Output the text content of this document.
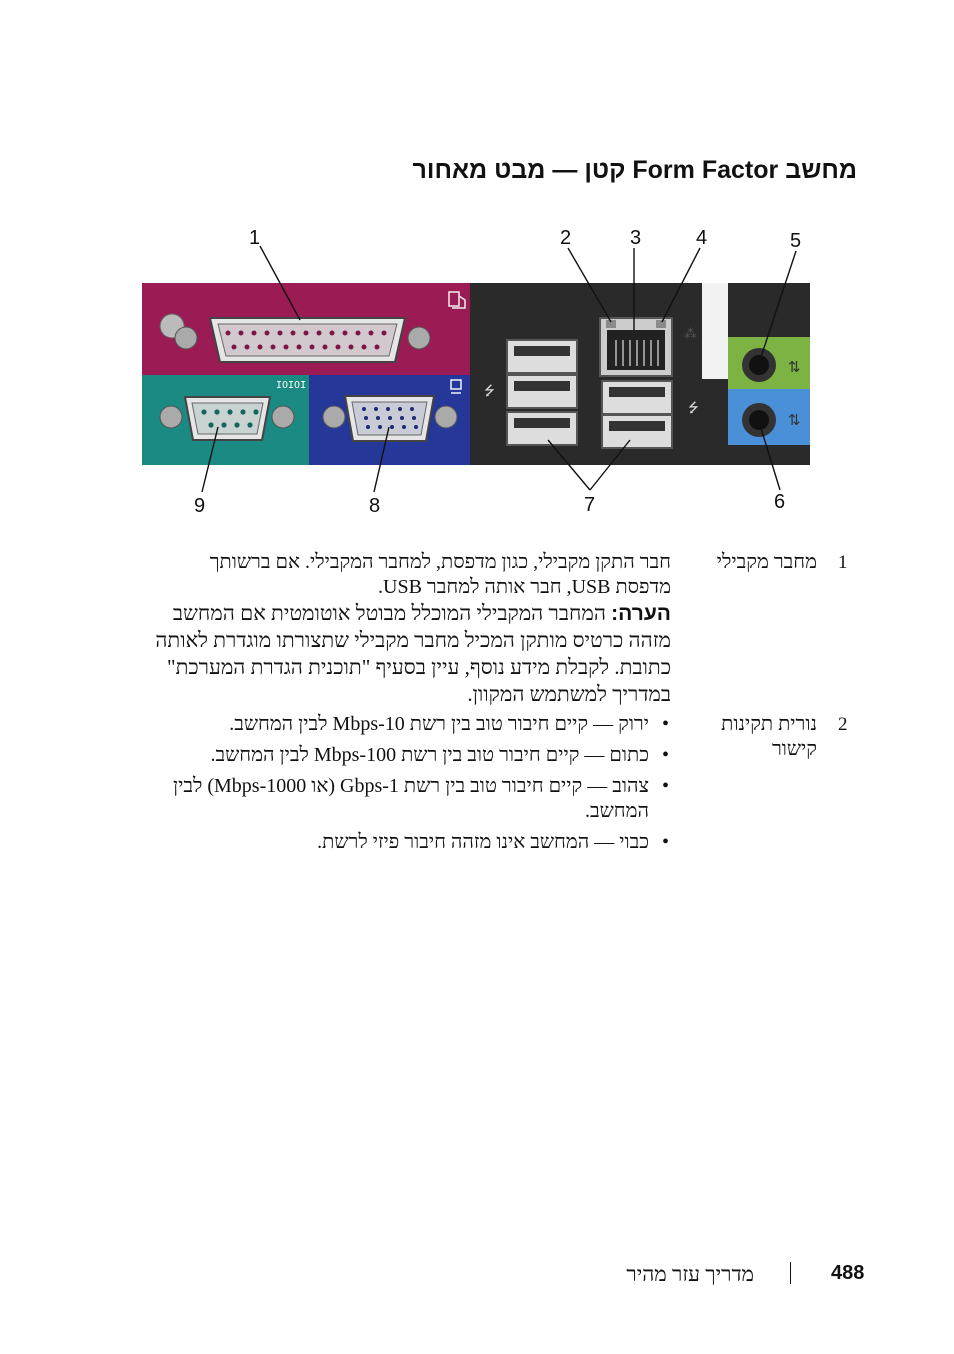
מחשב Form Factor קטן — מבט מאחור
IOIOI	⭍
⁂
⭍
⇅
⇅
1	2	3	4	5
6
7
8
9
1
מחבר מקבילי
חבר התקן מקבילי, כגון מדפסת, למחבר המקבילי. אם ברשותך מדפסת USB, חבר אותה למחבר USB.
הערה: המחבר המקבילי המוכלל מבוטל אוטומטית אם המחשב מזהה כרטיס מותקן המכיל מחבר מקבילי שתצורתו מוגדרת לאותה כתובת. לקבלת מידע נוסף, עיין בסעיף "תוכנית הגדרת המערכת" במדריך למשתמש המקוון.
2
נורית תקינות קישור
•
ירוק — קיים חיבור טוב בין רשת 10-Mbps לבין המחשב.
•
כתום — קיים חיבור טוב בין רשת 100-Mbps לבין המחשב.
•
צהוב — קיים חיבור טוב בין רשת 1-Gbps (או 1000-Mbps) לבין המחשב.
•
כבוי — המחשב אינו מזהה חיבור פיזי לרשת.
488
מדריך עזר מהיר
